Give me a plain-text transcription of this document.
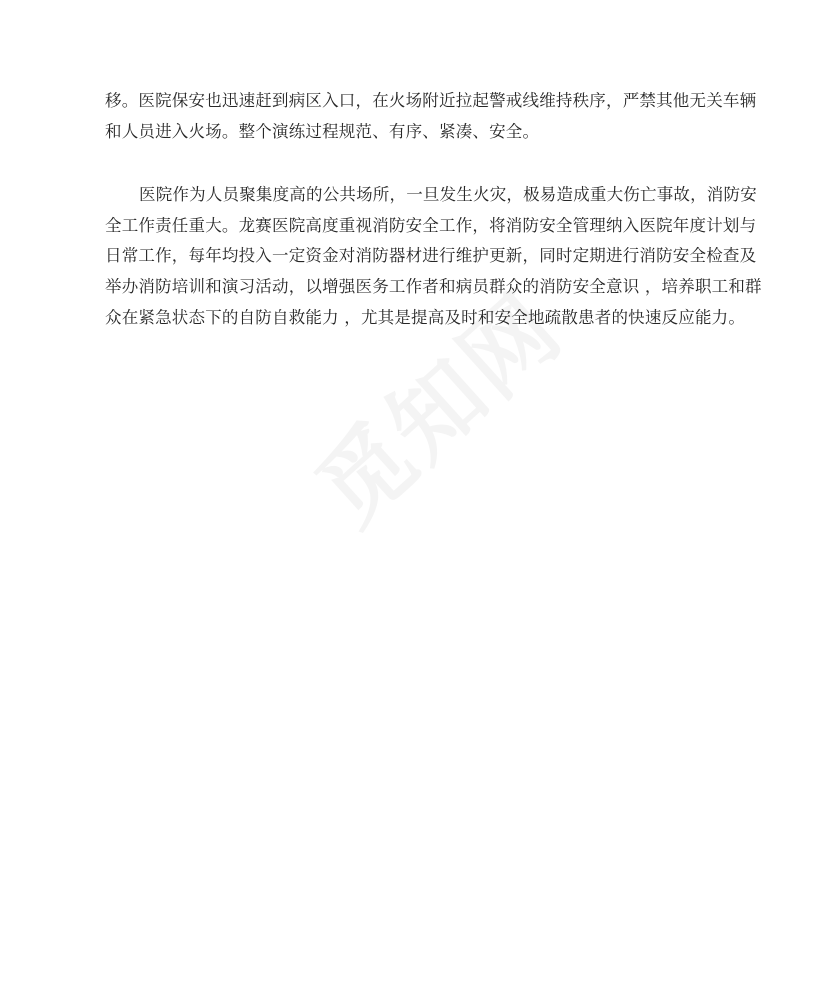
移。医院保安也迅速赶到病区入口，在火场附近拉起警戒线维持秩序，严禁其他无关车辆
和人员进入火场。整个演练过程规范、有序、紧凑、安全。

医院作为人员聚集度高的公共场所，一旦发生火灾，极易造成重大伤亡事故，消防安
全工作责任重大。龙赛医院高度重视消防安全工作，将消防安全管理纳入医院年度计划与
日常工作，每年均投入一定资金对消防器材进行维护更新，同时定期进行消防安全检查及
举办消防培训和演习活动，以增强医务工作者和病员群众的消防安全意识 ，培养职工和群
众在紧急状态下的自防自救能力 ，尤其是提高及时和安全地疏散患者的快速反应能力。
